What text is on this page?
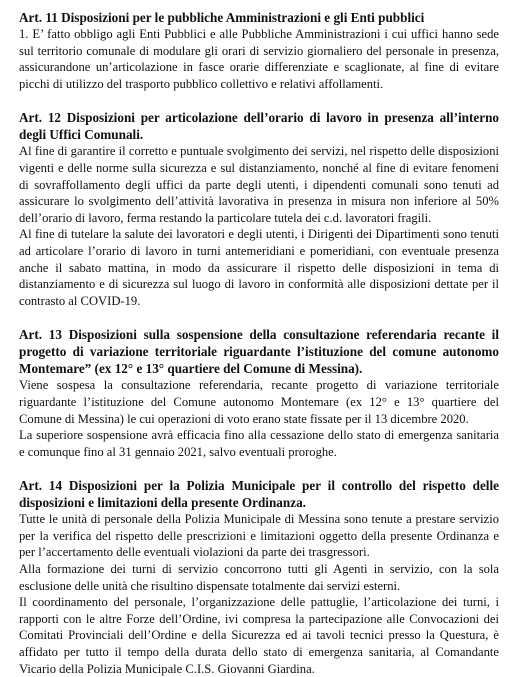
Art. 11 Disposizioni per le pubbliche Amministrazioni e gli Enti pubblici

1. E’ fatto obbligo agli Enti Pubblici e alle Pubbliche Amministrazioni i cui uffici hanno sede sul territorio comunale di modulare gli orari di servizio giornaliero del personale in presenza, assicurandone un’articolazione in fasce orarie differenziate e scaglionate, al fine di evitare picchi di utilizzo del trasporto pubblico collettivo e relativi affollamenti.

Art. 12 Disposizioni per articolazione dell’orario di lavoro in presenza all’interno degli Uffici Comunali.

Al fine di garantire il corretto e puntuale svolgimento dei servizi, nel rispetto delle disposizioni vigenti e delle norme sulla sicurezza e sul distanziamento, nonché al fine di evitare fenomeni di sovraffollamento degli uffici da parte degli utenti, i dipendenti comunali sono tenuti ad assicurare lo svolgimento dell’attività lavorativa in presenza in misura non inferiore al 50% dell’orario di lavoro, ferma restando la particolare tutela dei c.d. lavoratori fragili.

Al fine di tutelare la salute dei lavoratori e degli utenti, i Dirigenti dei Dipartimenti sono tenuti ad articolare l’orario di lavoro in turni antemeridiani e pomeridiani, con eventuale presenza anche il sabato mattina, in modo da assicurare il rispetto delle disposizioni in tema di distanziamento e di sicurezza sul luogo di lavoro in conformità alle disposizioni dettate per il contrasto al COVID-19.

Art. 13 Disposizioni sulla sospensione della consultazione referendaria recante il progetto di variazione territoriale riguardante l’istituzione del comune autonomo Montemare” (ex 12° e 13° quartiere del Comune di Messina).

Viene sospesa la consultazione referendaria, recante progetto di variazione territoriale riguardante l’istituzione del Comune autonomo Montemare (ex 12° e 13° quartiere del Comune di Messina) le cui operazioni di voto erano state fissate per il 13 dicembre 2020.

La superiore sospensione avrà efficacia fino alla cessazione dello stato di emergenza sanitaria e comunque fino al 31 gennaio 2021, salvo eventuali proroghe.

Art. 14 Disposizioni per la Polizia Municipale per il controllo del rispetto delle disposizioni e limitazioni della presente Ordinanza.

Tutte le unità di personale della Polizia Municipale di Messina sono tenute a prestare servizio per la verifica del rispetto delle prescrizioni e limitazioni oggetto della presente Ordinanza e per l’accertamento delle eventuali violazioni da parte dei trasgressori.

Alla formazione dei turni di servizio concorrono tutti gli Agenti in servizio, con la sola esclusione delle unità che risultino dispensate totalmente dai servizi esterni.

Il coordinamento del personale, l’organizzazione delle pattuglie, l’articolazione dei turni, i rapporti con le altre Forze dell’Ordine, ivi compresa la partecipazione alle Convocazioni dei Comitati Provinciali dell’Ordine e della Sicurezza ed ai tavoli tecnici presso la Questura, è affidato per tutto il tempo della durata dello stato di emergenza sanitaria, al Comandante Vicario della Polizia Municipale C.I.S. Giovanni Giardina.
